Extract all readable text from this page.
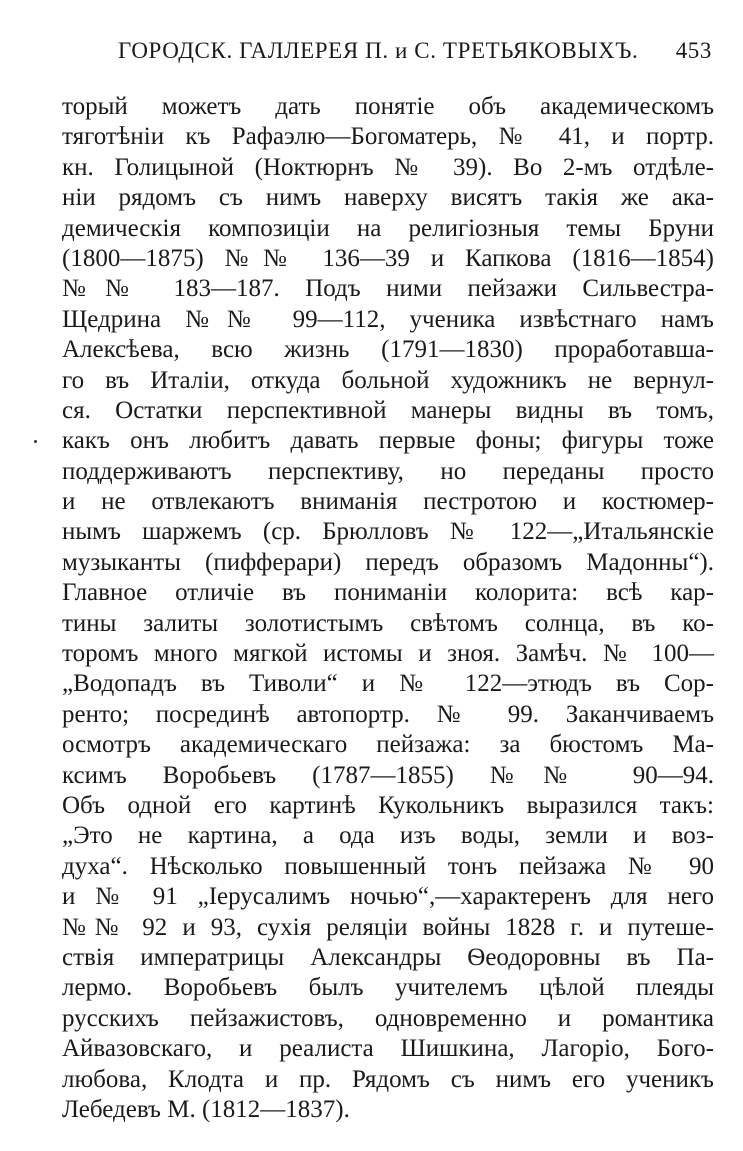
ГОРОДСК. ГАЛЛЕРЕЯ П. и С. ТРЕТЬЯКОВЫХЪ. 453
торый можетъ дать понятіе объ академическомъ
тяготѣніи къ Рафаэлю—Богоматерь, № 41, и портр.
кн. Голицыной (Ноктюрнъ № 39). Во 2-мъ отдѣле-
ніи рядомъ съ нимъ наверху висятъ такія же ака-
демическія композиціи на религіозныя темы Бруни
(1800—1875) №№ 136—39 и Капкова (1816—1854)
№№ 183—187. Подъ ними пейзажи Сильвестра-
Щедрина №№ 99—112, ученика извѣстнаго намъ
Алексѣева, всю жизнь (1791—1830) проработавша-
го въ Италіи, откуда больной художникъ не вернул-
ся. Остатки перспективной манеры видны въ томъ,
какъ онъ любитъ давать первые фоны; фигуры тоже
поддерживаютъ перспективу, но переданы просто
и не отвлекаютъ вниманія пестротою и костюмер-
нымъ шаржемъ (ср. Брюлловъ № 122—„Итальянскіе
музыканты (пифферари) передъ образомъ Мадонны“).
Главное отличіе въ пониманіи колорита: всѣ кар-
тины залиты золотистымъ свѣтомъ солнца, въ ко-
торомъ много мягкой истомы и зноя. Замѣч. № 100—
„Водопадъ въ Тиволи“ и № 122—этюдъ въ Сор-
ренто; посрединѣ автопортр. № 99. Заканчиваемъ
осмотръ академическаго пейзажа: за бюстомъ Ма-
ксимъ Воробьевъ (1787—1855) №№ 90—94.
Объ одной его картинѣ Кукольникъ выразился такъ:
„Это не картина, а ода изъ воды, земли и воз-
духа“. Нѣсколько повышенный тонъ пейзажа № 90
и № 91 „Іерусалимъ ночью“,—характеренъ для него
№№ 92 и 93, сухія реляціи войны 1828 г. и путеше-
ствія императрицы Александры Ѳеодоровны въ Па-
лермо. Воробьевъ былъ учителемъ цѣлой плеяды
русскихъ пейзажистовъ, одновременно и романтика
Айвазовскаго, и реалиста Шишкина, Лагоріо, Бого-
любова, Клодта и пр. Рядомъ съ нимъ его ученикъ
Лебедевъ М. (1812—1837).
